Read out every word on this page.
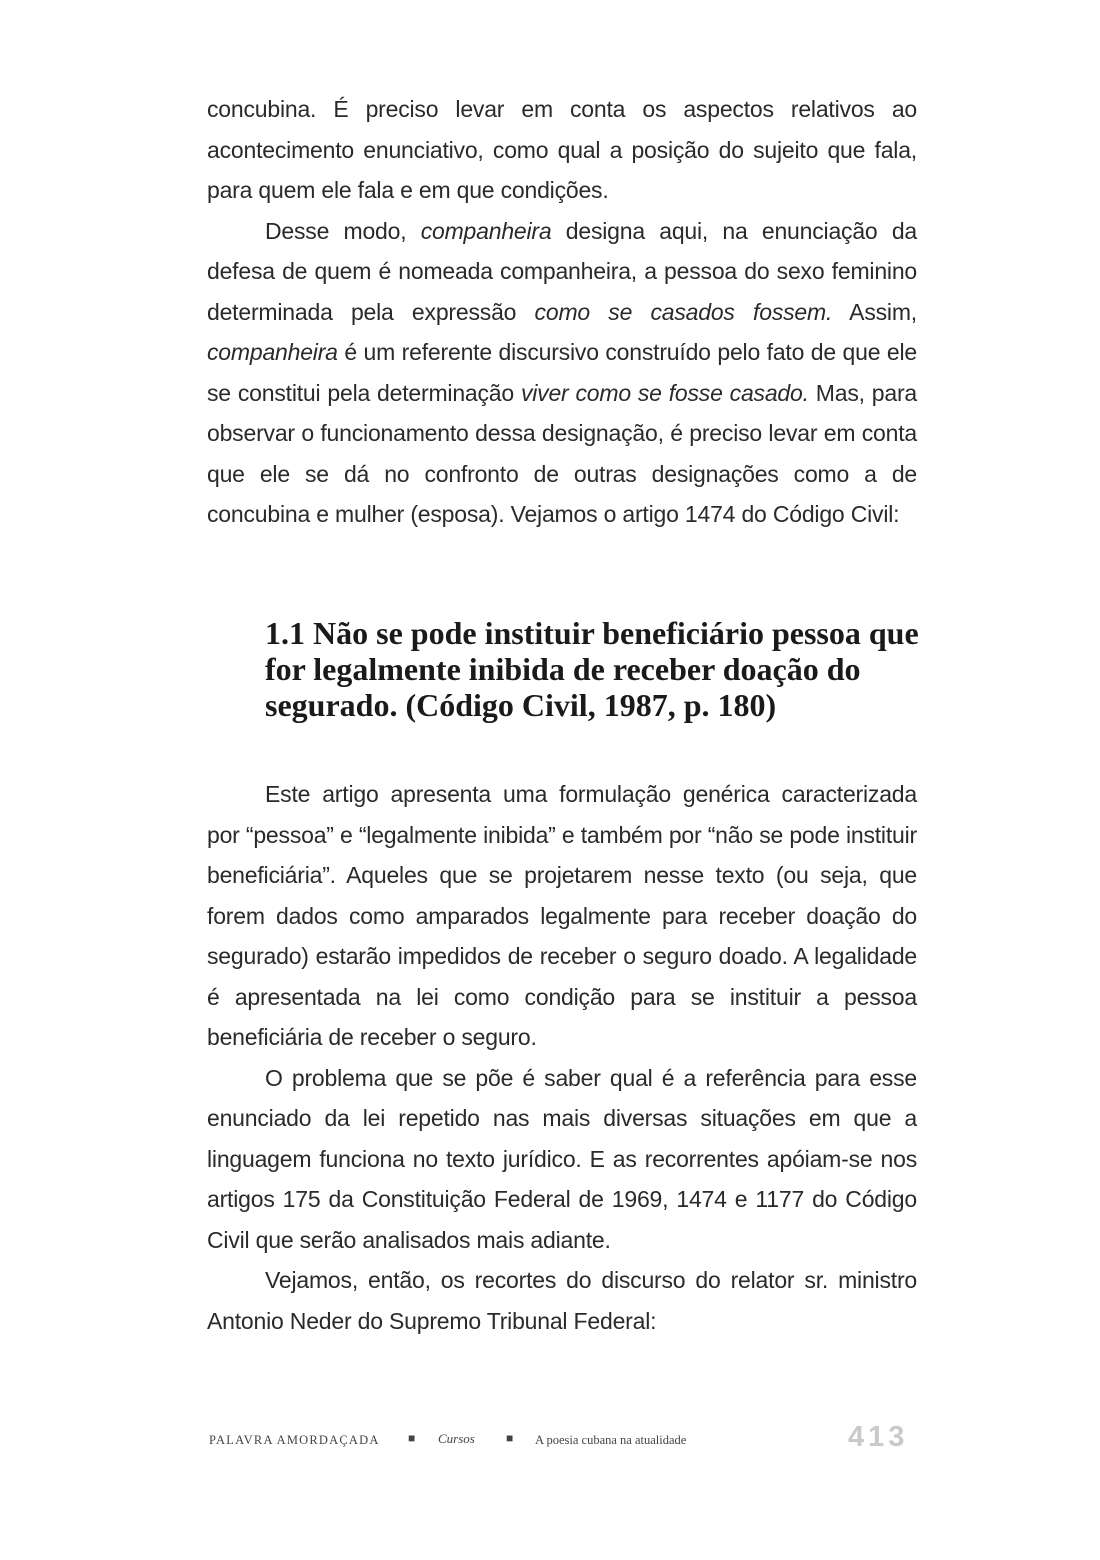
concubina. É preciso levar em conta os aspectos relativos ao acontecimento enunciativo, como qual a posição do sujeito que fala, para quem ele fala e em que condições.

Desse modo, companheira designa aqui, na enunciação da defesa de quem é nomeada companheira, a pessoa do sexo feminino determinada pela expressão como se casados fossem. Assim, companheira é um referente discursivo construído pelo fato de que ele se constitui pela determinação viver como se fosse casado. Mas, para observar o funcionamento dessa designação, é preciso levar em conta que ele se dá no confronto de outras designações como a de concubina e mulher (esposa). Vejamos o artigo 1474 do Código Civil:

1.1 Não se pode instituir beneficiário pessoa que for legalmente inibida de receber doação do segurado. (Código Civil, 1987, p. 180)

Este artigo apresenta uma formulação genérica caracterizada por “pessoa” e “legalmente inibida” e também por “não se pode instituir beneficiária”. Aqueles que se projetarem nesse texto (ou seja, que forem dados como amparados legalmente para receber doação do segurado) estarão impedidos de receber o seguro doado. A legalidade é apresentada na lei como condição para se instituir a pessoa beneficiária de receber o seguro.

O problema que se põe é saber qual é a referência para esse enunciado da lei repetido nas mais diversas situações em que a linguagem funciona no texto jurídico. E as recorrentes apóiam-se nos artigos 175 da Constituição Federal de 1969, 1474 e 1177 do Código Civil que serão analisados mais adiante.

Vejamos, então, os recortes do discurso do relator sr. ministro Antonio Neder do Supremo Tribunal Federal:

PALAVRA AMORDAÇADA ■ Cursos	■ A poesia cubana na atualidade	413
